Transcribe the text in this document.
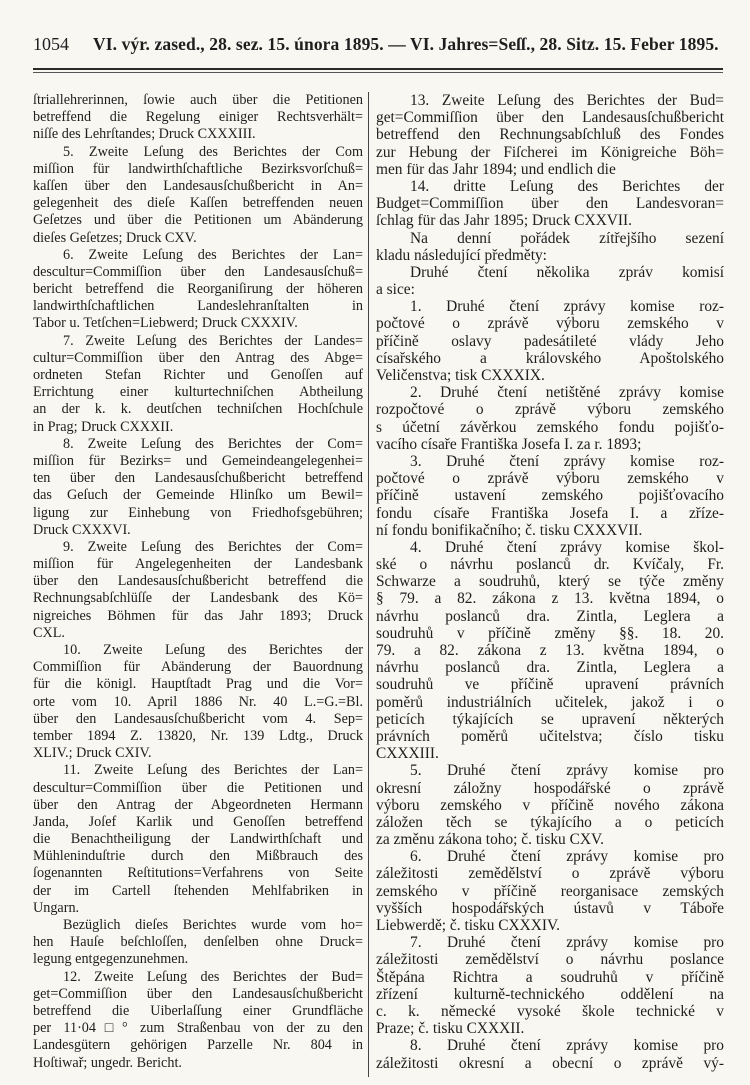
1054	VI. výr. zased., 28. sez. 15. února 1895. — VI. Jahres=Seſſ., 28. Sitz. 15. Feber 1895.
ſtriallehrerinnen, ſowie auch über die Petitionen
betreffend die Regelung einiger Rechtsverhält=
niſſe des Lehrſtandes; Druck CXXXIII.
5. Zweite Leſung des Berichtes der Com
miſſion für landwirthſchaftliche Bezirksvorſchuß=
kaſſen über den Landesausſchußbericht in An=
gelegenheit des dieſe Kaſſen betreffenden neuen
Geſetzes und über die Petitionen um Abänderung
dieſes Geſetzes; Druck CXV.
6. Zweite Leſung des Berichtes der Lan=
descultur=Commiſſion über den Landesausſchuß=
bericht betreffend die Reorganiſirung der höheren
landwirthſchaftlichen Landeslehranſtalten in
Tabor u. Tetſchen=Liebwerd; Druck CXXXIV.
7. Zweite Leſung des Berichtes der Landes=
cultur=Commiſſion über den Antrag des Abge=
ordneten Stefan Richter und Genoſſen auf
Errichtung einer kulturtechniſchen Abtheilung
an der k. k. deutſchen techniſchen Hochſchule
in Prag; Druck CXXXII.
8. Zweite Leſung des Berichtes der Com=
miſſion für Bezirks= und Gemeindeangelegenhei=
ten über den Landesausſchußbericht betreffend
das Geſuch der Gemeinde Hlinſko um Bewil=
ligung zur Einhebung von Friedhofsgebühren;
Druck CXXXVI.
9. Zweite Leſung des Berichtes der Com=
miſſion für Angelegenheiten der Landesbank
über den Landesausſchußbericht betreffend die
Rechnungsabſchlüſſe der Landesbank des Kö=
nigreiches Böhmen für das Jahr 1893; Druck
CXL.
10. Zweite Leſung des Berichtes der
Commiſſion für Abänderung der Bauordnung
für die königl. Hauptſtadt Prag und die Vor=
orte vom 10. April 1886 Nr. 40 L.=G.=Bl.
über den Landesausſchußbericht vom 4. Sep=
tember 1894 Z. 13820, Nr. 139 Ldtg., Druck
XLIV.; Druck CXIV.
11. Zweite Leſung des Berichtes der Lan=
descultur=Commiſſion über die Petitionen und
über den Antrag der Abgeordneten Hermann
Janda, Joſef Karlik und Genoſſen betreffend
die Benachtheiligung der Landwirthſchaft und
Mühleninduſtrie durch den Mißbrauch des
ſogenannten Reſtitutions=Verfahrens von Seite
der im Cartell ſtehenden Mehlfabriken in
Ungarn.
Bezüglich dieſes Berichtes wurde vom ho=
hen Hauſe beſchloſſen, denſelben ohne Druck=
legung entgegenzunehmen.
12. Zweite Leſung des Berichtes der Bud=
get=Commiſſion über den Landesausſchußbericht
betreffend die Uiberlaſſung einer Grundfläche
per 11·04□° zum Straßenbau von der zu den
Landesgütern gehörigen Parzelle Nr. 804 in
Hoſtiwař; ungedr. Bericht.
13. Zweite Leſung des Berichtes der Bud=
get=Commiſſion über den Landesausſchußbericht
betreffend den Rechnungsabſchluß des Fondes
zur Hebung der Fiſcherei im Königreiche Böh=
men für das Jahr 1894; und endlich die
14. dritte Leſung des Berichtes der
Budget=Commiſſion über den Landesvoran=
ſchlag für das Jahr 1895; Druck CXXVII.
Na denní pořádek zítřejšího sezení
kladu následující předměty:
Druhé čtení několika zpráv komisí
a sice:
1. Druhé čtení zprávy komise roz-
počtové o zprávě výboru zemského v
příčině oslavy padesátileté vlády Jeho
císařského a královského Apoštolského
Veličenstva; tisk CXXXIX.
2. Druhé čtení netištěné zprávy komise
rozpočtové o zprávě výboru zemského
s účetní závěrkou zemského fondu pojišťo-
vacího císaře Františka Josefa I. za r. 1893;
3. Druhé čtení zprávy komise roz-
počtové o zprávě výboru zemského v
příčině ustavení zemského pojišťovacího
fondu císaře Františka Josefa I. a zříze-
ní fondu bonifikačního; č. tisku CXXXVII.
4. Druhé čtení zprávy komise škol-
ské o návrhu poslanců dr. Kvíčaly, Fr.
Schwarze a soudruhů, který se týče změny
§ 79. a 82. zákona z 13. května 1894, o
návrhu poslanců dra. Zintla, Leglera a
soudruhů v příčině změny §§. 18. 20.
79. a 82. zákona z 13. května 1894, o
návrhu poslanců dra. Zintla, Leglera a
soudruhů ve příčině upravení právních
poměrů industriálních učitelek, jakož i o
peticích týkajících se upravení některých
právních poměrů učitelstva; číslo tisku
CXXXIII.
5. Druhé čtení zprávy komise pro
okresní záložny hospodářské o zprávě
výboru zemského v příčině nového zákona
záložen těch se týkajícího a o peticích
za změnu zákona toho; č. tisku CXV.
6. Druhé čtení zprávy komise pro
záležitosti zemědělství o zprávě výboru
zemského v příčině reorganisace zemských
vyšších hospodářských ústavů v Táboře
Liebwerdě; č. tisku CXXXIV.
7. Druhé čtení zprávy komise pro
záležitosti zemědělství o návrhu poslance
Štěpána Richtra a soudruhů v příčině
zřízení kulturně-technického oddělení na
c. k. německé vysoké škole technické v
Praze; č. tisku CXXXII.
8. Druhé čtení zprávy komise pro
záležitosti okresní a obecní o zprávě vý-
